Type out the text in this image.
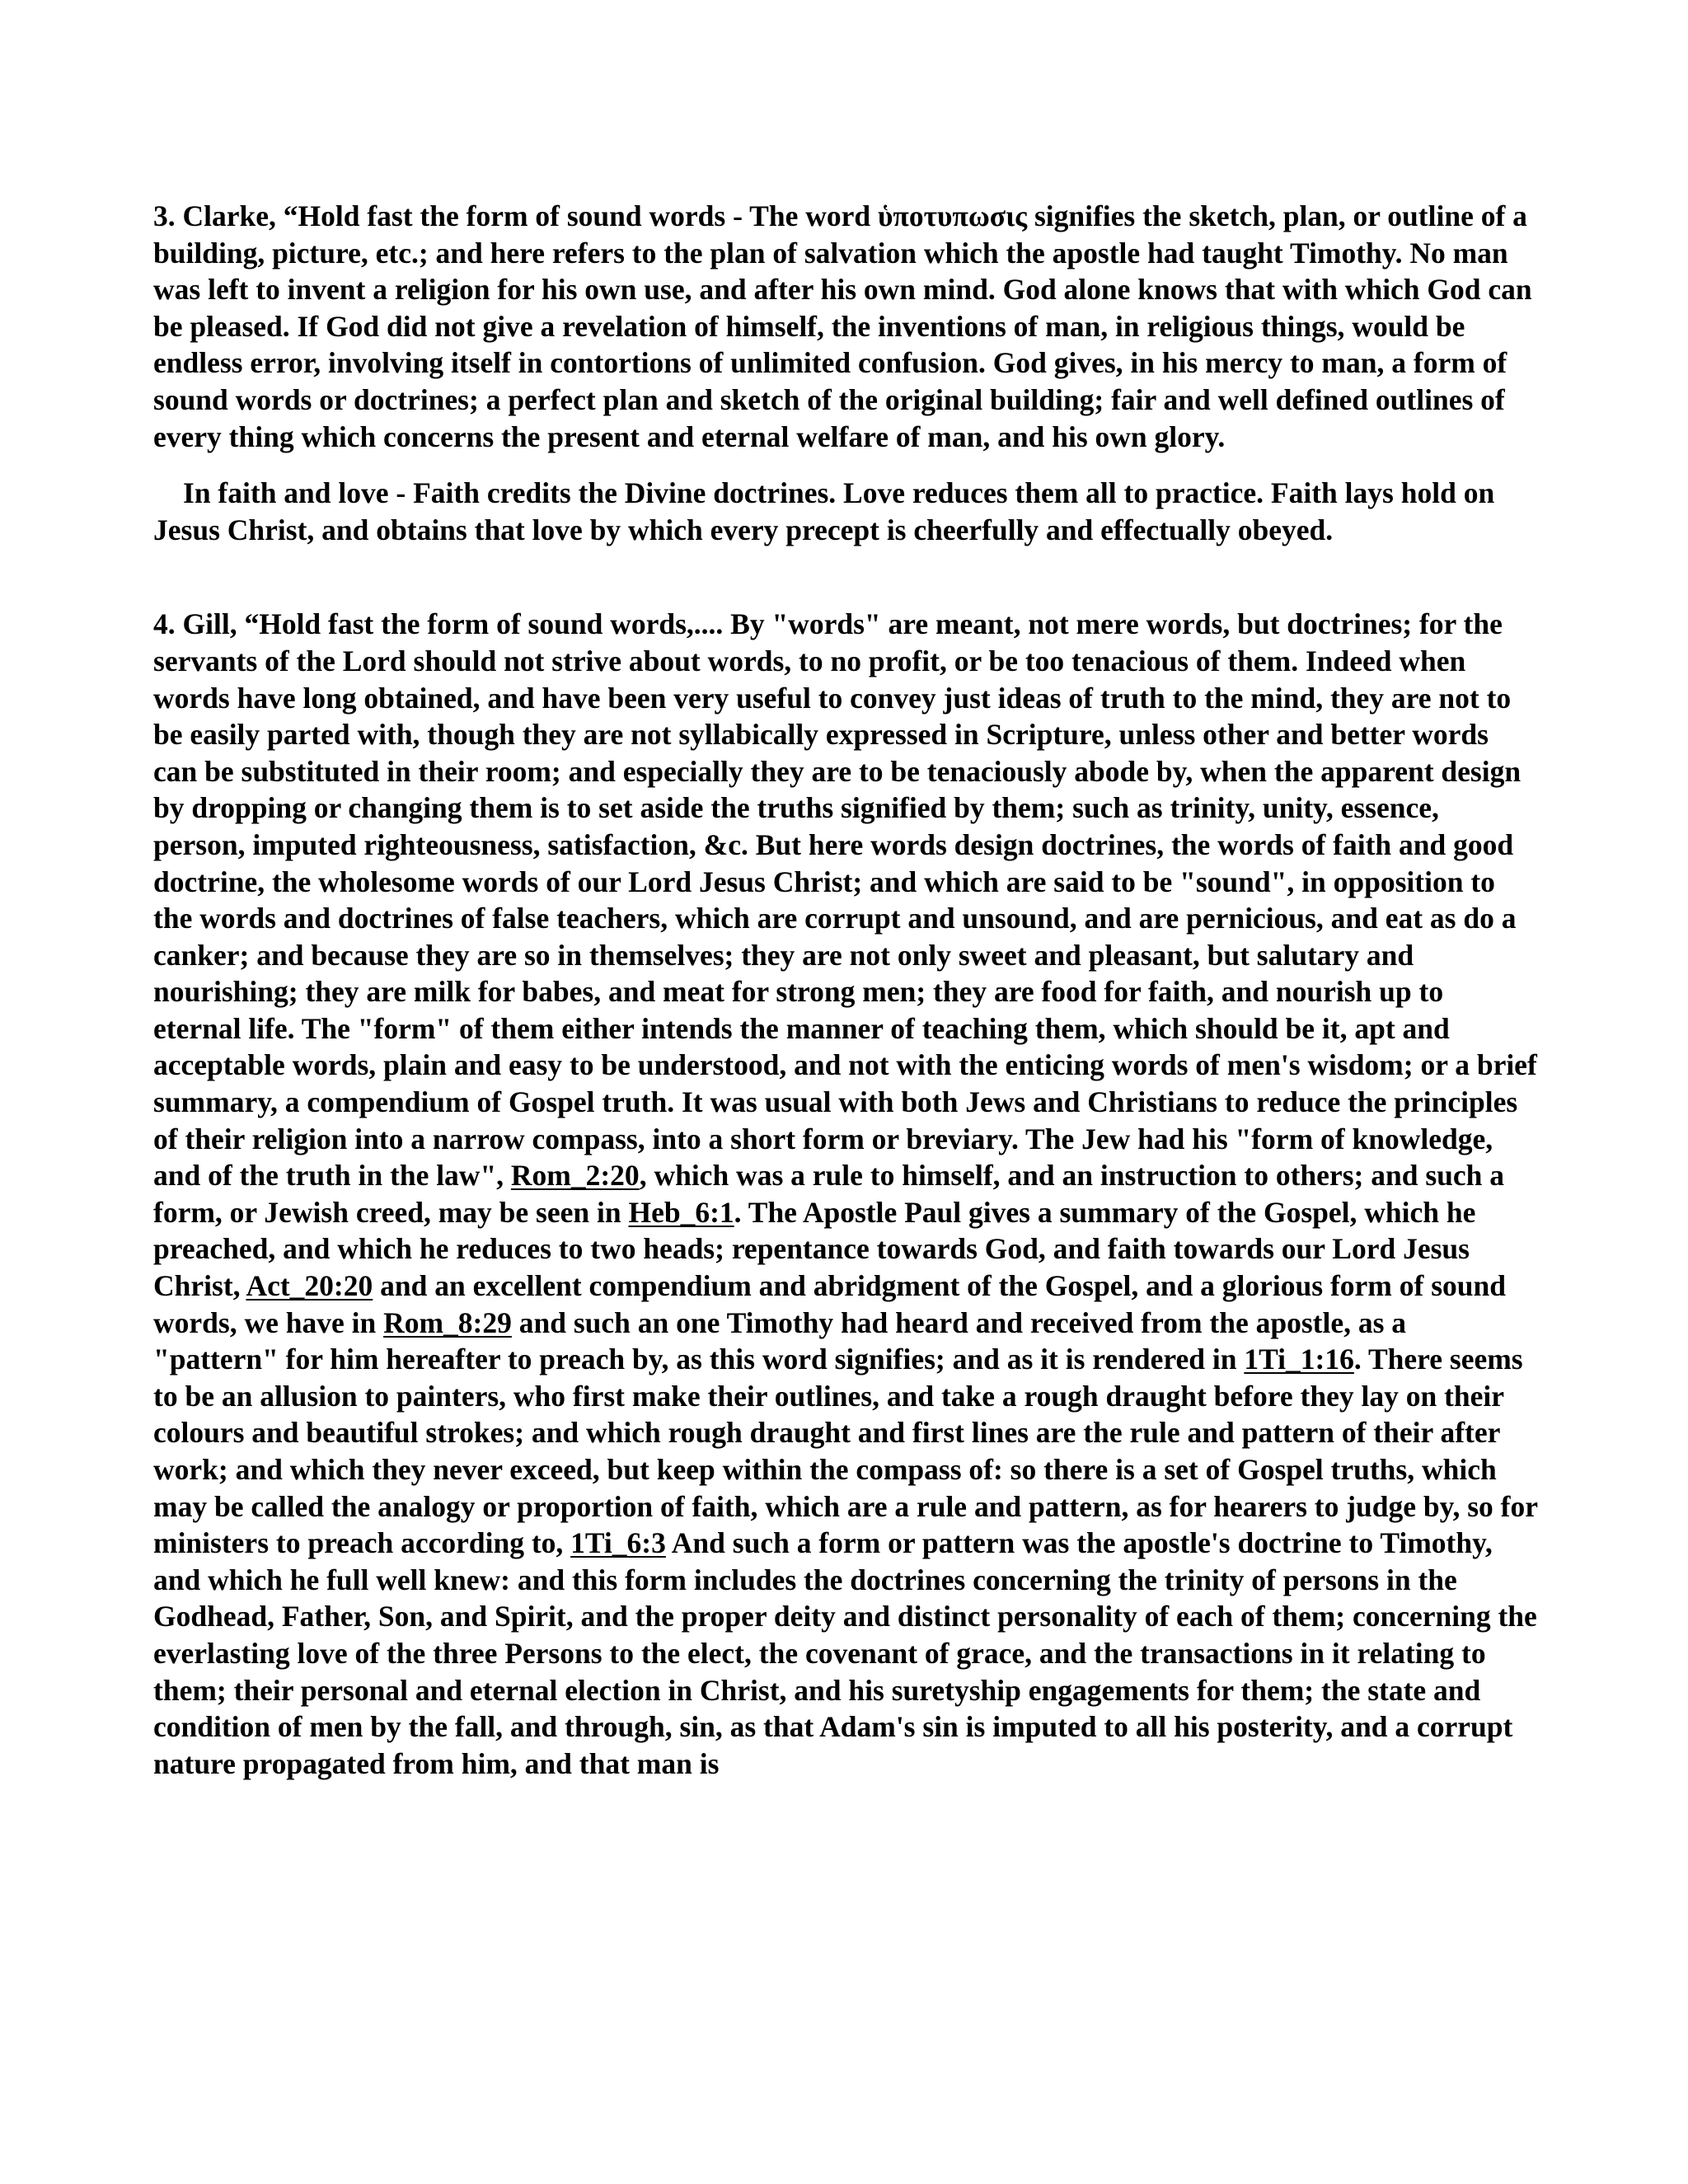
3. Clarke, “Hold fast the form of sound words - The word ὑποτυπωσις signifies the sketch, plan, or outline of a building, picture, etc.; and here refers to the plan of salvation which the apostle had taught Timothy. No man was left to invent a religion for his own use, and after his own mind. God alone knows that with which God can be pleased. If God did not give a revelation of himself, the inventions of man, in religious things, would be endless error, involving itself in contortions of unlimited confusion. God gives, in his mercy to man, a form of sound words or doctrines; a perfect plan and sketch of the original building; fair and well defined outlines of every thing which concerns the present and eternal welfare of man, and his own glory.

In faith and love - Faith credits the Divine doctrines. Love reduces them all to practice. Faith lays hold on Jesus Christ, and obtains that love by which every precept is cheerfully and effectually obeyed.

4. Gill, “Hold fast the form of sound words,.... By "words" are meant, not mere words, but doctrines; for the servants of the Lord should not strive about words, to no profit, or be too tenacious of them. Indeed when words have long obtained, and have been very useful to convey just ideas of truth to the mind, they are not to be easily parted with, though they are not syllabically expressed in Scripture, unless other and better words can be substituted in their room; and especially they are to be tenaciously abode by, when the apparent design by dropping or changing them is to set aside the truths signified by them; such as trinity, unity, essence, person, imputed righteousness, satisfaction, &c. But here words design doctrines, the words of faith and good doctrine, the wholesome words of our Lord Jesus Christ; and which are said to be "sound", in opposition to the words and doctrines of false teachers, which are corrupt and unsound, and are pernicious, and eat as do a canker; and because they are so in themselves; they are not only sweet and pleasant, but salutary and nourishing; they are milk for babes, and meat for strong men; they are food for faith, and nourish up to eternal life. The "form" of them either intends the manner of teaching them, which should be it, apt and acceptable words, plain and easy to be understood, and not with the enticing words of men's wisdom; or a brief summary, a compendium of Gospel truth. It was usual with both Jews and Christians to reduce the principles of their religion into a narrow compass, into a short form or breviary. The Jew had his "form of knowledge, and of the truth in the law", Rom_2:20, which was a rule to himself, and an instruction to others; and such a form, or Jewish creed, may be seen in Heb_6:1. The Apostle Paul gives a summary of the Gospel, which he preached, and which he reduces to two heads; repentance towards God, and faith towards our Lord Jesus Christ, Act_20:20 and an excellent compendium and abridgment of the Gospel, and a glorious form of sound words, we have in Rom_8:29 and such an one Timothy had heard and received from the apostle, as a "pattern" for him hereafter to preach by, as this word signifies; and as it is rendered in 1Ti_1:16. There seems to be an allusion to painters, who first make their outlines, and take a rough draught before they lay on their colours and beautiful strokes; and which rough draught and first lines are the rule and pattern of their after work; and which they never exceed, but keep within the compass of: so there is a set of Gospel truths, which may be called the analogy or proportion of faith, which are a rule and pattern, as for hearers to judge by, so for ministers to preach according to, 1Ti_6:3 And such a form or pattern was the apostle's doctrine to Timothy, and which he full well knew: and this form includes the doctrines concerning the trinity of persons in the Godhead, Father, Son, and Spirit, and the proper deity and distinct personality of each of them; concerning the everlasting love of the three Persons to the elect, the covenant of grace, and the transactions in it relating to them; their personal and eternal election in Christ, and his suretyship engagements for them; the state and condition of men by the fall, and through, sin, as that Adam's sin is imputed to all his posterity, and a corrupt nature propagated from him, and that man is
